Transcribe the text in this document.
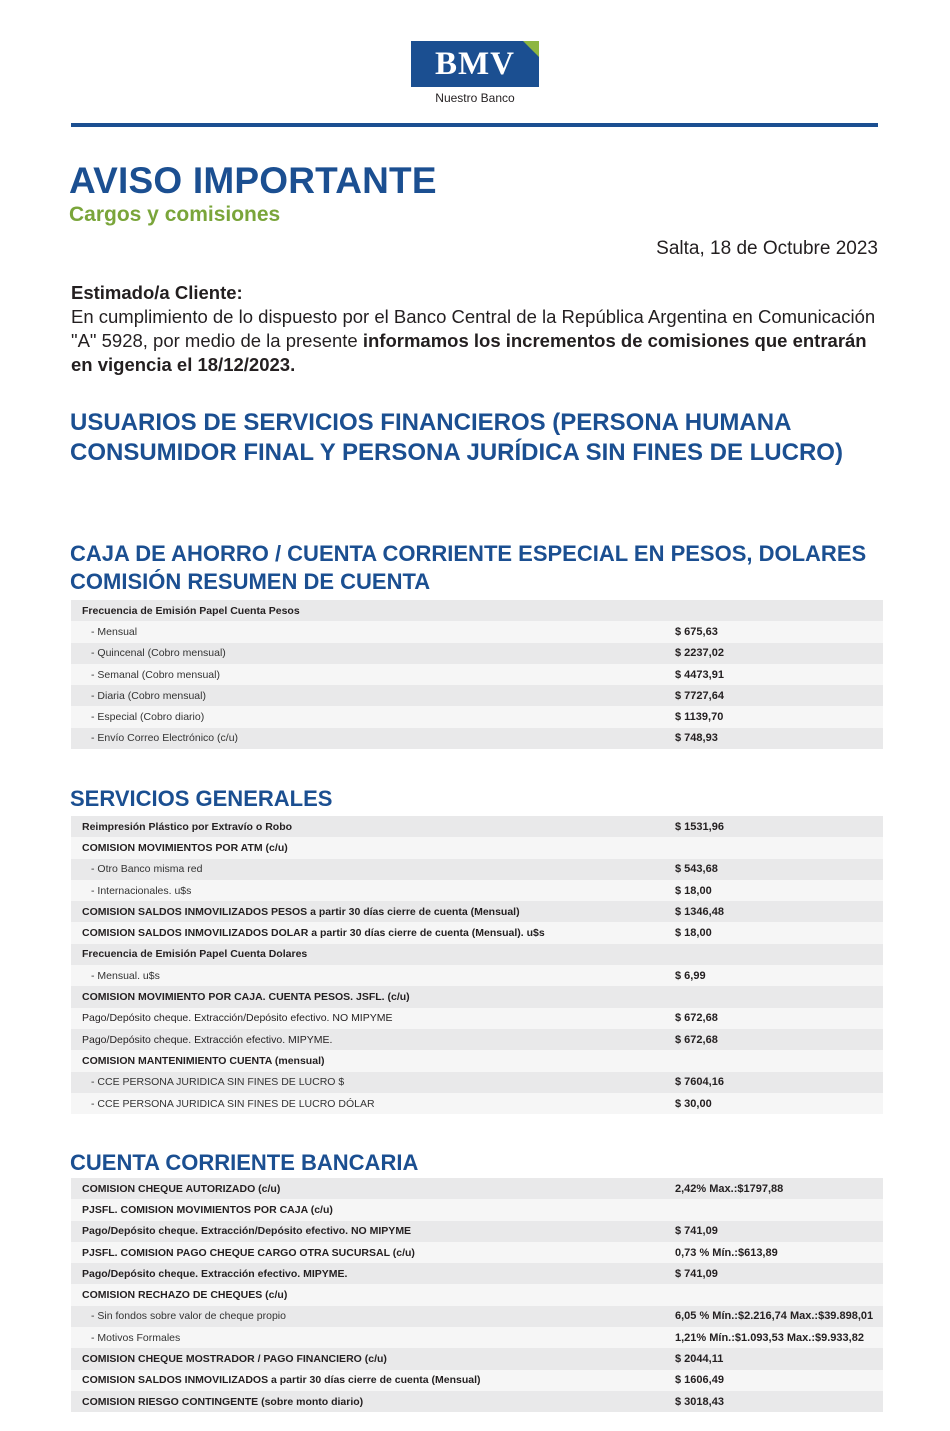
BMV
Nuestro Banco
AVISO IMPORTANTE
Cargos y comisiones
Salta, 18 de Octubre 2023
Estimado/a Cliente:
En cumplimiento de lo dispuesto por el Banco Central de la República Argentina en Comunicación "A" 5928, por medio de la presente informamos los incrementos de comisiones que entrarán en vigencia el 18/12/2023.
USUARIOS DE SERVICIOS FINANCIEROS (PERSONA HUMANA CONSUMIDOR FINAL Y PERSONA JURÍDICA SIN FINES DE LUCRO)
CAJA DE AHORRO / CUENTA CORRIENTE ESPECIAL EN PESOS, DOLARES COMISIÓN RESUMEN DE CUENTA
Frecuencia de Emisión Papel Cuenta Pesos	
- Mensual	$ 675,63
- Quincenal (Cobro mensual)	$ 2237,02
- Semanal (Cobro mensual)	$ 4473,91
- Diaria (Cobro mensual)	$ 7727,64
- Especial (Cobro diario)	$ 1139,70
- Envío Correo Electrónico (c/u)	$ 748,93
SERVICIOS GENERALES
Reimpresión Plástico por Extravío o Robo	$ 1531,96
COMISION MOVIMIENTOS POR ATM (c/u)	
- Otro Banco misma red	$ 543,68
- Internacionales. u$s	$ 18,00
COMISION SALDOS INMOVILIZADOS PESOS a partir 30 días cierre de cuenta (Mensual)	$ 1346,48
COMISION SALDOS INMOVILIZADOS DOLAR a partir 30 días cierre de cuenta (Mensual). u$s	$ 18,00
Frecuencia de Emisión Papel Cuenta Dolares	
- Mensual. u$s	$ 6,99
COMISION MOVIMIENTO POR CAJA. CUENTA PESOS. JSFL. (c/u)	
Pago/Depósito cheque. Extracción/Depósito efectivo. NO MIPYME	$ 672,68
Pago/Depósito cheque. Extracción efectivo. MIPYME.	$ 672,68
COMISION MANTENIMIENTO CUENTA (mensual)	
- CCE PERSONA JURIDICA SIN FINES DE LUCRO $	$ 7604,16
- CCE PERSONA JURIDICA SIN FINES DE LUCRO DÓLAR	$ 30,00
CUENTA CORRIENTE BANCARIA
COMISION CHEQUE AUTORIZADO (c/u)	2,42% Max.:$1797,88
PJSFL. COMISION MOVIMIENTOS POR CAJA (c/u)	
Pago/Depósito cheque. Extracción/Depósito efectivo. NO MIPYME	$ 741,09
PJSFL. COMISION PAGO CHEQUE CARGO OTRA SUCURSAL (c/u)	0,73 % Mín.:$613,89
Pago/Depósito cheque. Extracción efectivo. MIPYME.	$ 741,09
COMISION RECHAZO DE CHEQUES (c/u)	
- Sin fondos sobre valor de cheque propio	6,05 % Mín.:$2.216,74 Max.:$39.898,01
- Motivos Formales	1,21% Mín.:$1.093,53 Max.:$9.933,82
COMISION CHEQUE MOSTRADOR / PAGO FINANCIERO (c/u)	$ 2044,11
COMISION SALDOS INMOVILIZADOS a partir 30 días cierre de cuenta (Mensual)	$ 1606,49
COMISION RIESGO CONTINGENTE (sobre monto diario)	$ 3018,43
